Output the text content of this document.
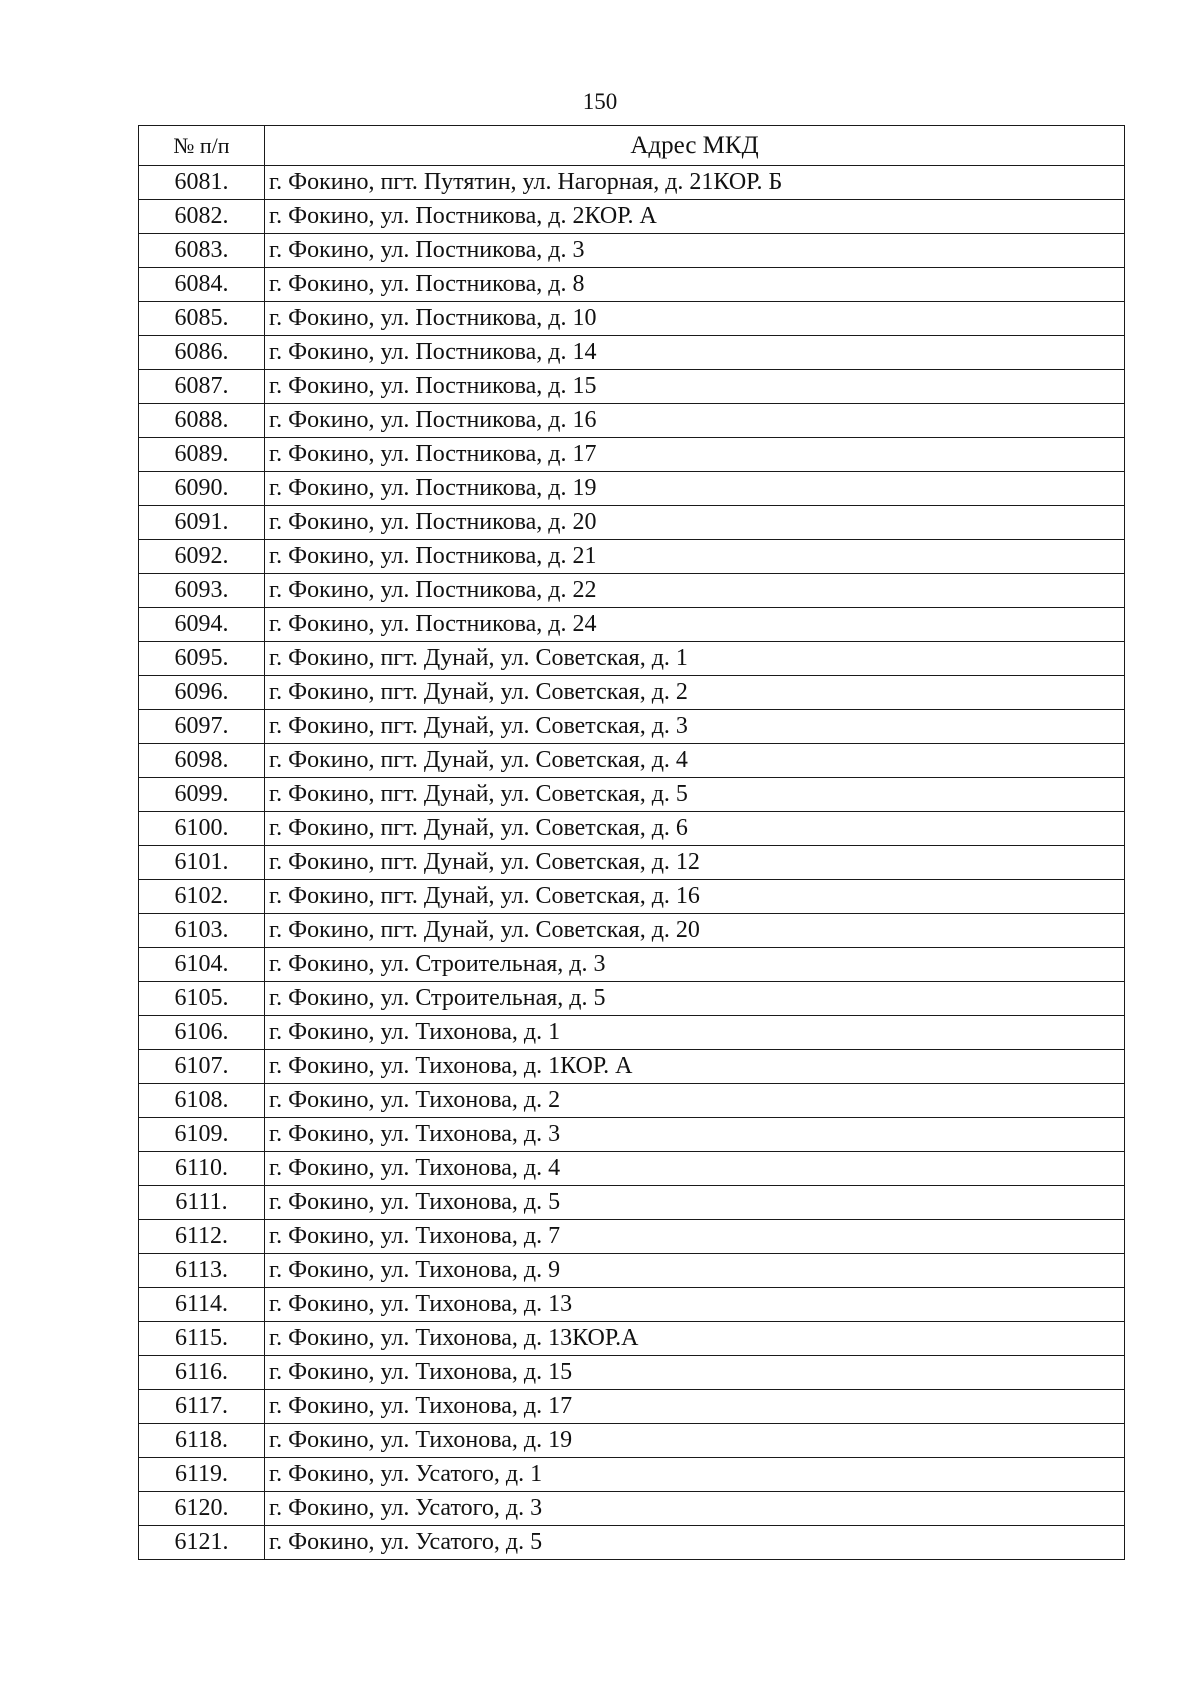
150
№ п/п	Адрес МКД
6081.	г. Фокино, пгт. Путятин, ул. Нагорная, д. 21КОР. Б
6082.	г. Фокино, ул. Постникова, д. 2КОР. А
6083.	г. Фокино, ул. Постникова, д. 3
6084.	г. Фокино, ул. Постникова, д. 8
6085.	г. Фокино, ул. Постникова, д. 10
6086.	г. Фокино, ул. Постникова, д. 14
6087.	г. Фокино, ул. Постникова, д. 15
6088.	г. Фокино, ул. Постникова, д. 16
6089.	г. Фокино, ул. Постникова, д. 17
6090.	г. Фокино, ул. Постникова, д. 19
6091.	г. Фокино, ул. Постникова, д. 20
6092.	г. Фокино, ул. Постникова, д. 21
6093.	г. Фокино, ул. Постникова, д. 22
6094.	г. Фокино, ул. Постникова, д. 24
6095.	г. Фокино, пгт. Дунай, ул. Советская, д. 1
6096.	г. Фокино, пгт. Дунай, ул. Советская, д. 2
6097.	г. Фокино, пгт. Дунай, ул. Советская, д. 3
6098.	г. Фокино, пгт. Дунай, ул. Советская, д. 4
6099.	г. Фокино, пгт. Дунай, ул. Советская, д. 5
6100.	г. Фокино, пгт. Дунай, ул. Советская, д. 6
6101.	г. Фокино, пгт. Дунай, ул. Советская, д. 12
6102.	г. Фокино, пгт. Дунай, ул. Советская, д. 16
6103.	г. Фокино, пгт. Дунай, ул. Советская, д. 20
6104.	г. Фокино, ул. Строительная, д. 3
6105.	г. Фокино, ул. Строительная, д. 5
6106.	г. Фокино, ул. Тихонова, д. 1
6107.	г. Фокино, ул. Тихонова, д. 1КОР. А
6108.	г. Фокино, ул. Тихонова, д. 2
6109.	г. Фокино, ул. Тихонова, д. 3
6110.	г. Фокино, ул. Тихонова, д. 4
6111.	г. Фокино, ул. Тихонова, д. 5
6112.	г. Фокино, ул. Тихонова, д. 7
6113.	г. Фокино, ул. Тихонова, д. 9
6114.	г. Фокино, ул. Тихонова, д. 13
6115.	г. Фокино, ул. Тихонова, д. 13КОР.А
6116.	г. Фокино, ул. Тихонова, д. 15
6117.	г. Фокино, ул. Тихонова, д. 17
6118.	г. Фокино, ул. Тихонова, д. 19
6119.	г. Фокино, ул. Усатого, д. 1
6120.	г. Фокино, ул. Усатого, д. 3
6121.	г. Фокино, ул. Усатого, д. 5
